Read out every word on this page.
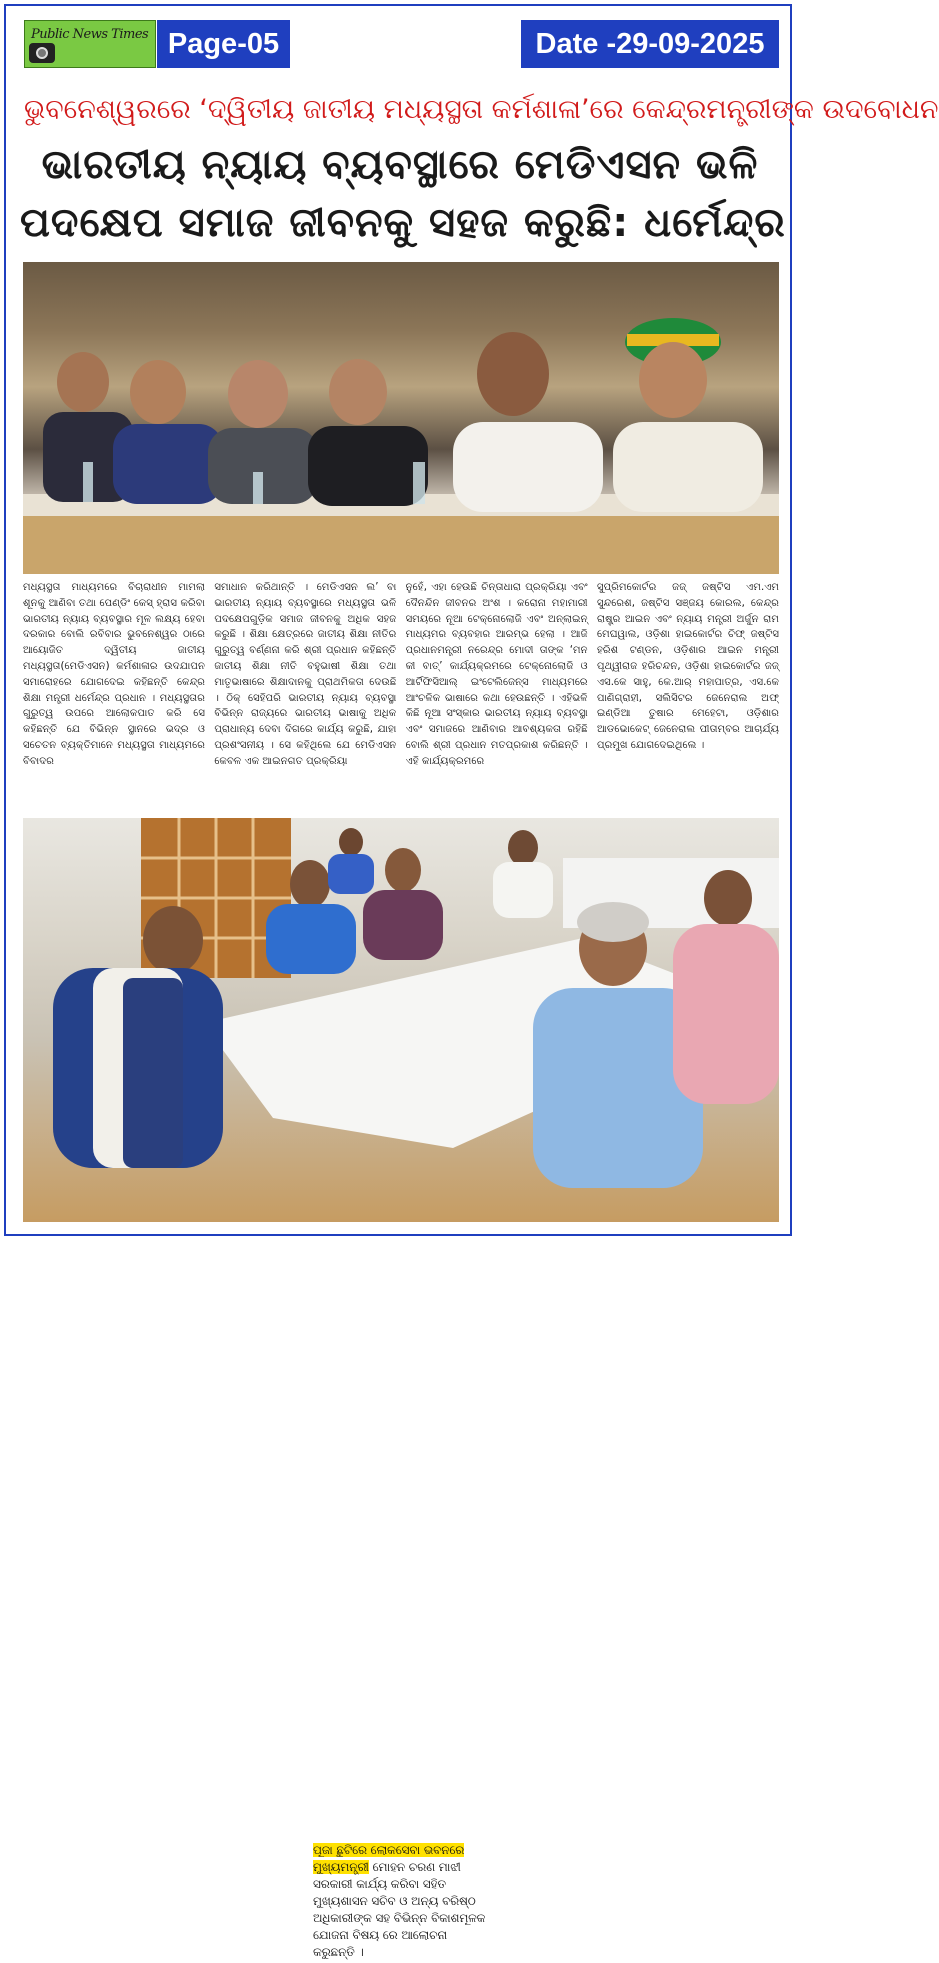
Public News Times Page-05	Date -29-09-2025
ଭୁବନେଶ୍ୱରରେ ‘ଦ୍ୱିତୀୟ ଜାତୀୟ ମଧ୍ୟସ୍ଥତା କର୍ମଶାଳା’ରେ କେନ୍ଦ୍ରମନ୍ତ୍ରୀଙ୍କ ଉଦବୋଧନ
ଭାରତୀୟ ନ୍ୟାୟ ବ୍ୟବସ୍ଥାରେ ମେଡିଏସନ ଭଳି
ପଦକ୍ଷେପ ସମାଜ ଜୀବନକୁ ସହଜ କରୁଛି: ଧର୍ମେନ୍ଦ୍ର
ମଧ୍ୟସ୍ଥତା ମାଧ୍ୟମରେ ବିଚାରାଧୀନ ମାମଲା ଶୂନକୁ ଆଣିବା ତଥା ପେଣ୍ଡିଂ କେସ୍ ହ୍ରାସ କରିବା ଭାରତୀୟ ନ୍ୟାୟ ବ୍ୟବସ୍ଥାର ମୂଳ ଲକ୍ଷ୍ୟ ହେବା ଦରକାର ବୋଲି ରବିବାର ଭୁବନେଶ୍ୱର ଠାରେ ଆୟୋଜିତ ଦ୍ୱିତୀୟ ଜାତୀୟ ମଧ୍ୟସ୍ଥତା(ମେଡିଏସନ) କର୍ମଶାଳାର ଉଦଯାପନ ସମାରୋହରେ ଯୋଗଦେଇ କହିଛନ୍ତି କେନ୍ଦ୍ର ଶିକ୍ଷା ମନ୍ତ୍ରୀ ଧର୍ମେନ୍ଦ୍ର ପ୍ରଧାନ । ମଧ୍ୟସ୍ଥତାର ଗୁରୁତ୍ୱ ଉପରେ ଆଲୋକପାତ କରି ସେ କହିଛନ୍ତି ଯେ ବିଭିନ୍ନ ସ୍ଥାନରେ ଭଦ୍ର ଓ ସଚେତନ ବ୍ୟକ୍ତିମାନେ ମଧ୍ୟସ୍ଥତା ମାଧ୍ୟମରେ ବିବାଦର
ସମାଧାନ କରିଥାନ୍ତି । ମେଡିଏସନ ଲ’ ବା ଭାରତୀୟ ନ୍ୟାୟ ବ୍ୟବସ୍ଥାରେ ମଧ୍ୟସ୍ଥତା ଭଳି ପଦକ୍ଷେପଗୁଡ଼ିକ ସମାଜ ଜୀବନକୁ ଅଧିକ ସହଜ କରୁଛି । ଶିକ୍ଷା କ୍ଷେତ୍ରରେ ଜାତୀୟ ଶିକ୍ଷା ନୀତିର ଗୁରୁତ୍ୱ ବର୍ଣ୍ଣନା କରି ଶ୍ରୀ ପ୍ରଧାନ କହିଛନ୍ତି ଜାତୀୟ ଶିକ୍ଷା ନୀତି ବହୁଭାଷୀ ଶିକ୍ଷା ତଥା ମାତୃଭାଷାରେ ଶିକ୍ଷାଦାନକୁ ପ୍ରାଥମିକତା ଦେଉଛି । ଠିକ୍ ସେହିପରି ଭାରତୀୟ ନ୍ୟାୟ ବ୍ୟବସ୍ଥା ବିଭିନ୍ନ ରାଜ୍ୟରେ ଭାରତୀୟ ଭାଷାକୁ ଅଧିକ ପ୍ରାଧାନ୍ୟ ଦେବା ଦିଗରେ କାର୍ଯ୍ୟ କରୁଛି, ଯାହା ପ୍ରଶଂସନୀୟ । ସେ କହିଥିଲେ ଯେ ମେଡିଏସନ କେବଳ ଏକ ଆଇନଗତ ପ୍ରକ୍ରିୟା
ନୁହେଁ, ଏହା ହେଉଛି ଚିନ୍ତାଧାରା ପ୍ରକ୍ରିୟା ଏବଂ ଦୈନନ୍ଦିନ ଜୀବନର ଅଂଶ । କରୋନା ମହାମାରୀ ସମୟରେ ନୂଆ ଟେକ୍ନୋଲୋଜି ଏବଂ ଅନ୍‌ଲାଇନ୍ ମାଧ୍ୟମର ବ୍ୟବହାର ଆରମ୍ଭ ହେଲା । ଆଜି ପ୍ରଧାନମନ୍ତ୍ରୀ ନରେନ୍ଦ୍ର ମୋଦୀ ତାଙ୍କ ‘ମନ କୀ ବାତ୍’ କାର୍ଯ୍ୟକ୍ରମରେ ଟେକ୍ନୋଲୋଜି ଓ ଆର୍ଟିଫିସିଆଲ୍ ଇଂଟେଲିଜେନ୍ସ ମାଧ୍ୟମରେ ଆଂଚଳିକ ଭାଷାରେ କଥା ହେଉଛନ୍ତି । ଏହିଭଳି କିଛି ନୂଆ ସଂସ୍କାର ଭାରତୀୟ ନ୍ୟାୟ ବ୍ୟବସ୍ଥା ଏବଂ ସମାଜରେ ଆଣିବାର ଆବଶ୍ୟକତା ରହିଛି ବୋଲି ଶ୍ରୀ ପ୍ରଧାନ ମତପ୍ରକାଶ କରିଛନ୍ତି । ଏହି କାର୍ଯ୍ୟକ୍ରମରେ
ସୁପ୍ରିମକୋର୍ଟର ଜଜ୍ ଜଷ୍ଟିସ ଏମ.ଏମ ସୁନ୍ଦରେଶ, ଜଷ୍ଟିସ ସଞ୍ଜୟ କୋରଲ, କେନ୍ଦ୍ର ରାଷ୍ଟ୍ର ଆଇନ ଏବଂ ନ୍ୟାୟ ମନ୍ତ୍ରୀ ଅର୍ଜୁନ ରାମ ମେଘୱାଲ, ଓଡ଼ିଶା ହାଇକୋର୍ଟର ଚିଫ୍ ଜଷ୍ଟିସ ହରିଶ ଟଣ୍ଡନ, ଓଡ଼ିଶାର ଆଇନ ମନ୍ତ୍ରୀ ପୃଥ୍ୱୀରାଜ ହରିଚନ୍ଦନ, ଓଡ଼ିଶା ହାଇକୋର୍ଟର ଜଜ୍ ଏସ.କେ ସାହୁ, କେ.ଆର୍ ମହାପାତ୍ର, ଏସ.କେ ପାଣିଗ୍ରାହୀ, ସଲିସିଟର ଜେନେରାଲ ଅଫ୍ ଇଣ୍ଡିଆ ତୁଷାର ମେହେଟା, ଓଡ଼ିଶାର ଆଡଭୋକେଟ୍ ଜେନେରାଲ ପୀତାମ୍ବର ଆଚାର୍ଯ୍ୟ ପ୍ରମୁଖ ଯୋଗଦେଇଥିଲେ ।
ପୂଜା ଛୁଟିରେ ଲୋକସେବା ଭବନରେ ମୁଖ୍ୟମନ୍ତ୍ରୀ ମୋହନ ଚରଣ ମାଝୀ ସରକାରୀ କାର୍ଯ୍ୟ କରିବା ସହିତ ମୁଖ୍ୟଶାସନ ସଚିବ ଓ ଅନ୍ୟ ବରିଷ୍ଠ ଅଧିକାରୀଙ୍କ ସହ ବିଭିନ୍ନ ବିକାଶମୂଳକ ଯୋଜନା ବିଷୟ ରେ ଆଲୋଚନା କରୁଛନ୍ତି ।
